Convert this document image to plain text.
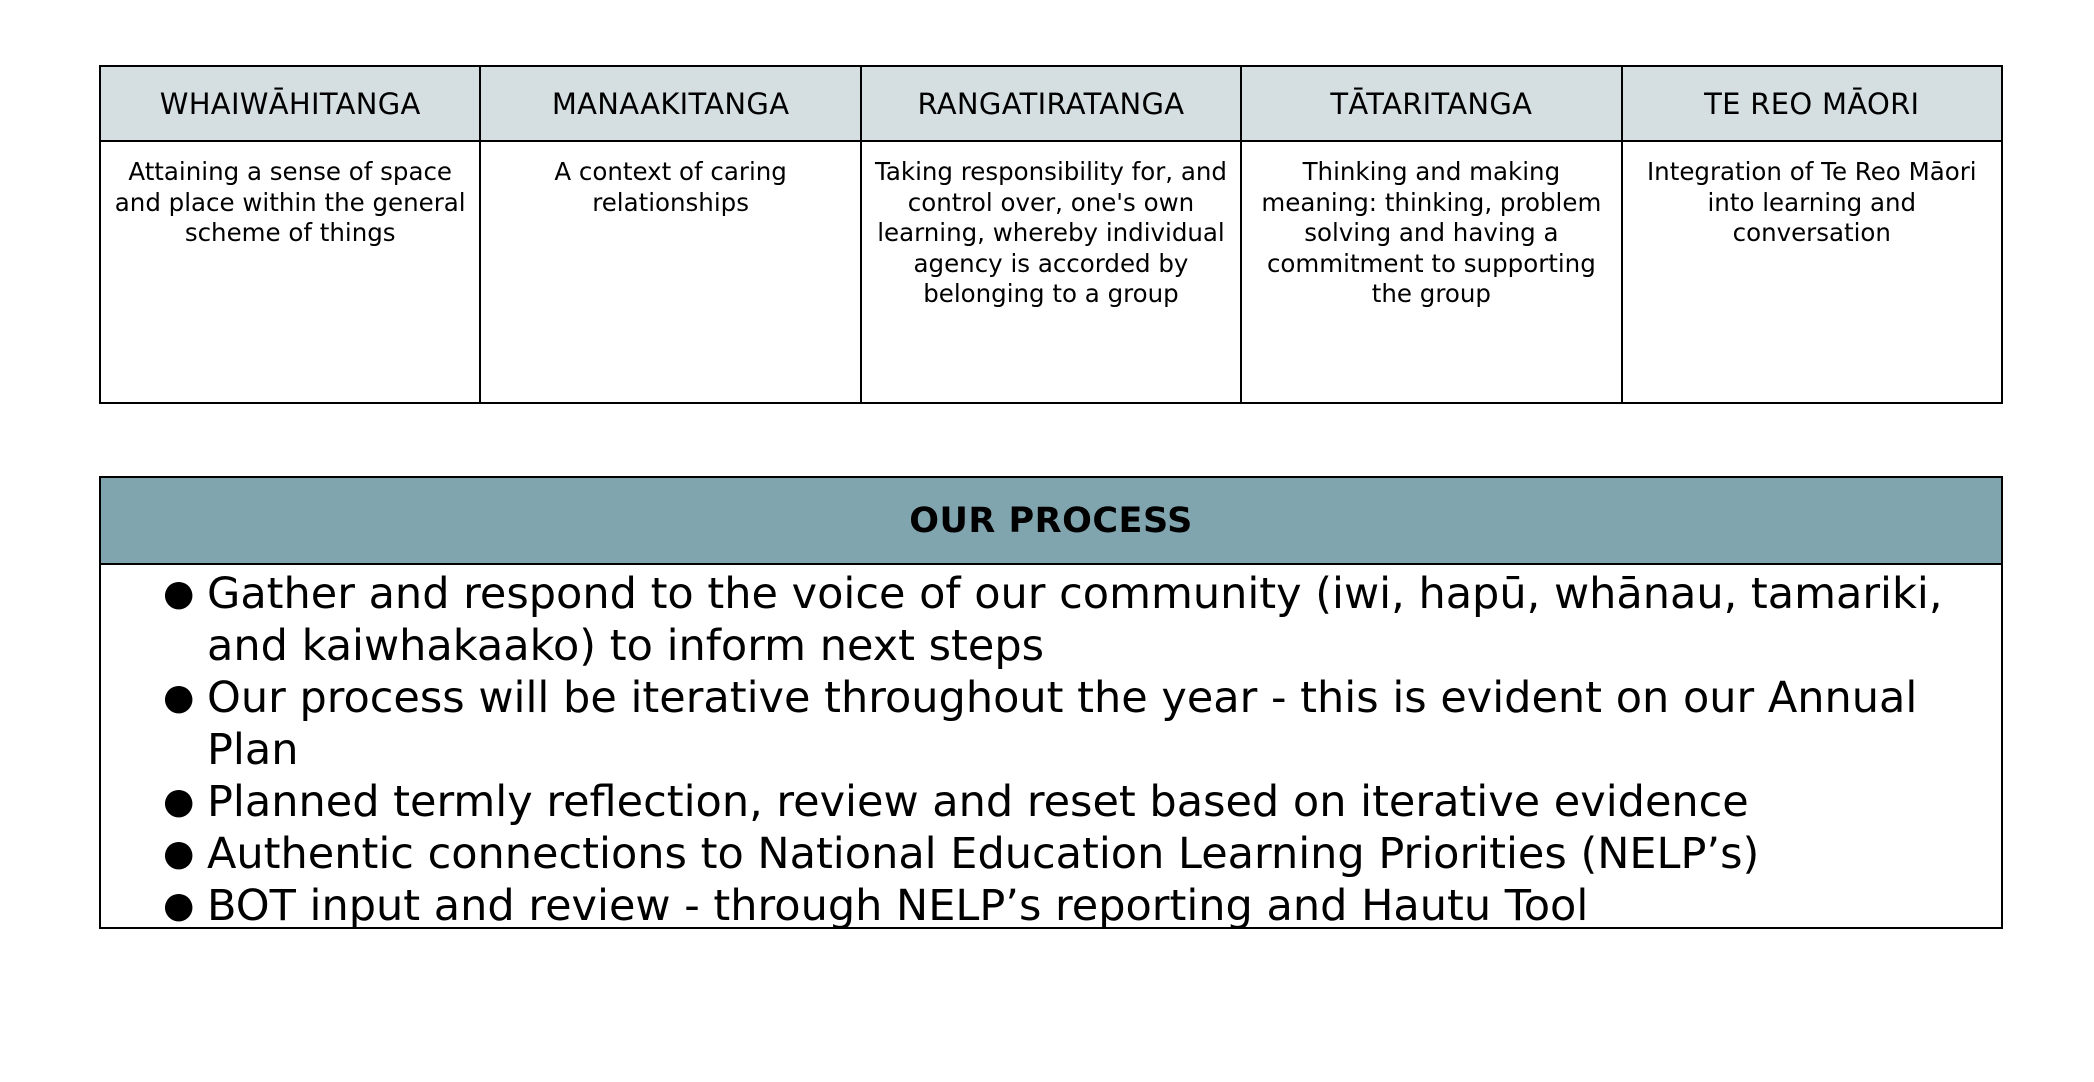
WHAIWĀHITANGA	MANAAKITANGA	RANGATIRATANGA	TĀTARITANGA	TE REO MĀORI
Attaining a sense of space and place within the general scheme of things	A context of caring relationships	Taking responsibility for, and control over, one's own learning, whereby individual agency is accorded by belonging to a group	Thinking and making meaning: thinking, problem solving and having a commitment to supporting the group	Integration of Te Reo Māori into learning and conversation
OUR PROCESS
● Gather and respond to the voice of our community (iwi, hapū, whānau, tamariki, and kaiwhakaako) to inform next steps
● Our process will be iterative throughout the year - this is evident on our Annual Plan
● Planned termly reflection, review and reset based on iterative evidence
● Authentic connections to National Education Learning Priorities (NELP’s)
● BOT input and review - through NELP’s reporting and Hautu Tool
